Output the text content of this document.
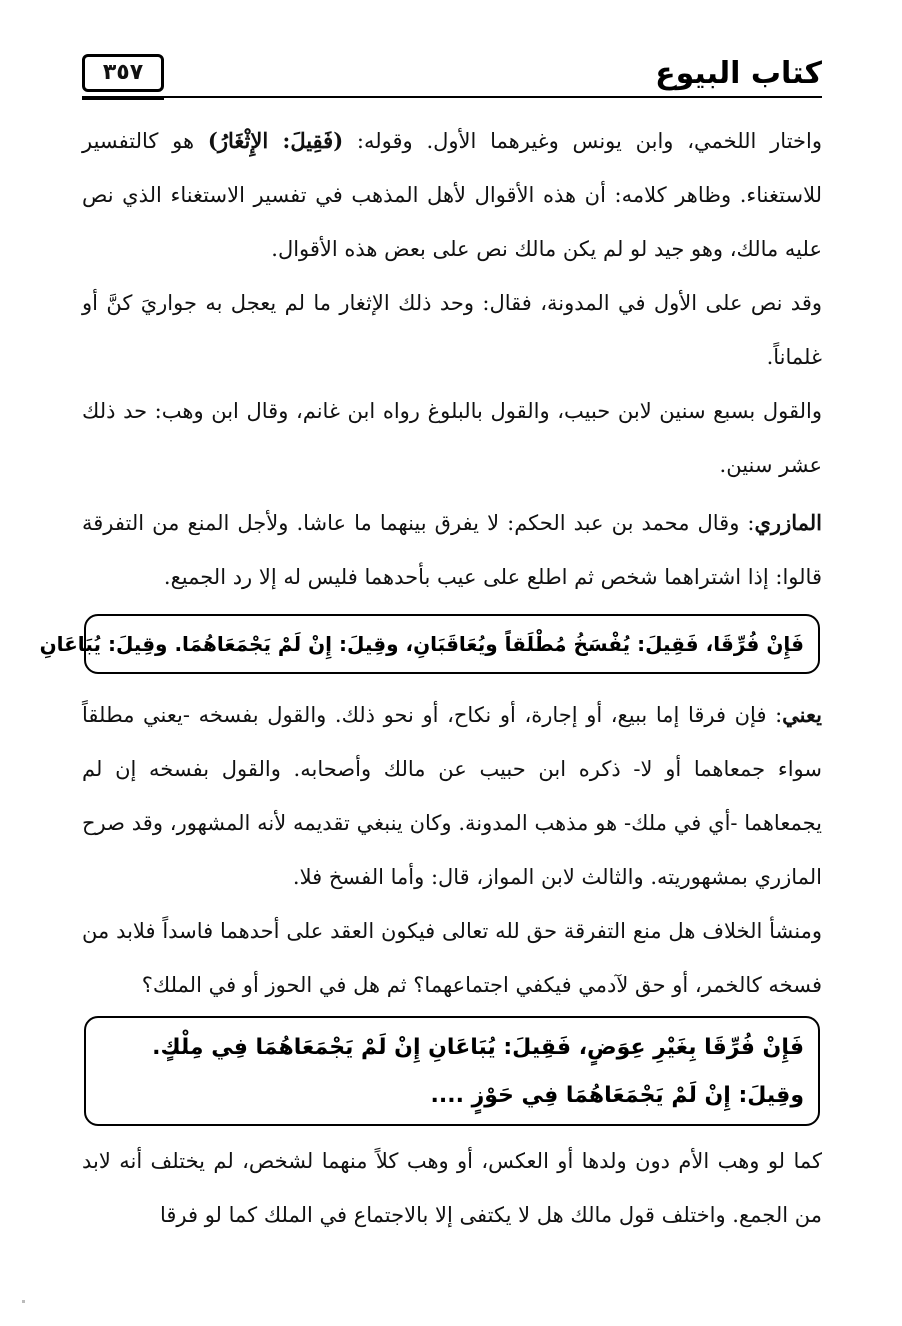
كتاب البيوع
٣٥٧

واختار اللخمي، وابن يونس وغيرهما الأول. وقوله: (فَقِيلَ: الإِثْغَارُ) هو كالتفسير للاستغناء. وظاهر كلامه: أن هذه الأقوال لأهل المذهب في تفسير الاستغناء الذي نص عليه مالك، وهو جيد لو لم يكن مالك نص على بعض هذه الأقوال.

وقد نص على الأول في المدونة، فقال: وحد ذلك الإثغار ما لم يعجل به جواريَ كنَّ أو غلماناً.

والقول بسبع سنين لابن حبيب، والقول بالبلوغ رواه ابن غانم، وقال ابن وهب: حد ذلك عشر سنين.

المازري: وقال محمد بن عبد الحكم: لا يفرق بينهما ما عاشا. ولأجل المنع من التفرقة قالوا: إذا اشتراهما شخص ثم اطلع على عيب بأحدهما فليس له إلا رد الجميع.

فَإِنْ فُرِّقَا، فَقِيلَ: يُفْسَخُ مُطْلَقاً ويُعَاقَبَانِ، وقِيلَ: إِنْ لَمْ يَجْمَعَاهُمَا. وقِيلَ: يُبَاعَانِ

يعني: فإن فرقا إما ببيع، أو إجارة، أو نكاح، أو نحو ذلك. والقول بفسخه -يعني مطلقاً سواء جمعاهما أو لا- ذكره ابن حبيب عن مالك وأصحابه. والقول بفسخه إن لم يجمعاهما -أي في ملك- هو مذهب المدونة. وكان ينبغي تقديمه لأنه المشهور، وقد صرح المازري بمشهوريته. والثالث لابن المواز، قال: وأما الفسخ فلا.

ومنشأ الخلاف هل منع التفرقة حق لله تعالى فيكون العقد على أحدهما فاسداً فلابد من فسخه كالخمر، أو حق لآدمي فيكفي اجتماعهما؟ ثم هل في الحوز أو في الملك؟

فَإِنْ فُرِّقَا بِغَيْرِ عِوَضٍ، فَقِيلَ: يُبَاعَانِ إِنْ لَمْ يَجْمَعَاهُمَا فِي مِلْكٍ.
وقِيلَ: إِنْ لَمْ يَجْمَعَاهُمَا فِي حَوْزٍ ....

كما لو وهب الأم دون ولدها أو العكس، أو وهب كلاً منهما لشخص، لم يختلف أنه لابد من الجمع. واختلف قول مالك هل لا يكتفى إلا بالاجتماع في الملك كما لو فرقا
